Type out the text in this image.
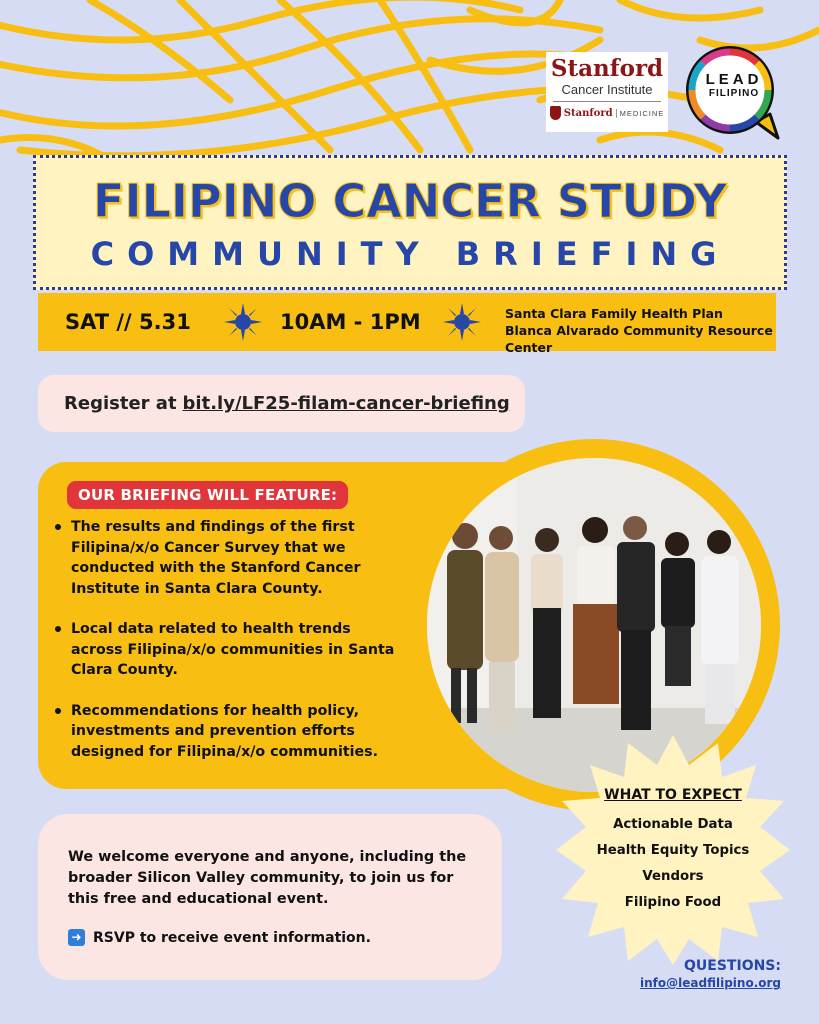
Stanford
Cancer Institute
Stanford MEDICINE
LEAD
FILIPINO
FILIPINO CANCER STUDY
COMMUNITY BRIEFING
SAT // 5.31	10AM - 1PM	Santa Clara Family Health Plan Blanca Alvarado Community Resource Center
Register at bit.ly/LF25-filam-cancer-briefing
OUR BRIEFING WILL FEATURE:
The results and findings of the first Filipina/x/o Cancer Survey that we conducted with the Stanford Cancer Institute in Santa Clara County.
Local data related to health trends across Filipina/x/o communities in Santa Clara County.
Recommendations for health policy, investments and prevention efforts designed for Filipina/x/o communities.
We welcome everyone and anyone, including the broader Silicon Valley community, to join us for this free and educational event.
➜ RSVP to receive event information.
WHAT TO EXPECT
Actionable Data
Health Equity Topics
Vendors
Filipino Food
QUESTIONS:
info@leadfilipino.org
